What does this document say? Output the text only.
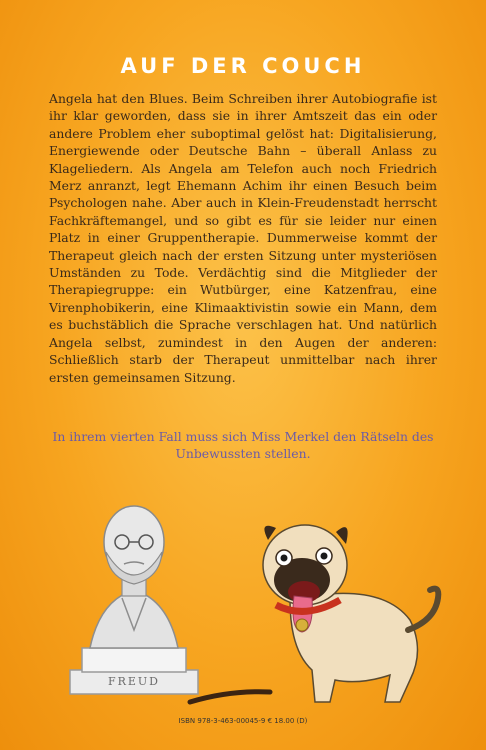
AUF DER COUCH
Angela hat den Blues. Beim Schreiben ihrer Autobiografie ist ihr klar geworden, dass sie in ihrer Amtszeit das ein oder andere Problem eher suboptimal gelöst hat: Digitalisierung, Energiewende oder Deutsche Bahn – überall Anlass zu Klageliedern. Als Angela am Telefon auch noch Friedrich Merz anranzt, legt Ehemann Achim ihr einen Besuch beim Psychologen nahe. Aber auch in Klein-Freudenstadt herrscht Fachkräftemangel, und so gibt es für sie leider nur einen Platz in einer Gruppentherapie. Dummerweise kommt der Therapeut gleich nach der ersten Sitzung unter mysteriösen Umständen zu Tode. Verdächtig sind die Mitglieder der Therapiegruppe: ein Wutbürger, eine Katzenfrau, eine Virenphobikerin, eine Klimaaktivistin sowie ein Mann, dem es buchstäblich die Sprache verschlagen hat. Und natürlich Angela selbst, zumindest in den Augen der anderen: Schließlich starb der Therapeut unmittelbar nach ihrer ersten gemeinsamen Sitzung.
In ihrem vierten Fall muss sich Miss Merkel den Rätseln des Unbewussten stellen.
FREUD
ISBN 978-3-463-00045-9 € 18.00 (D)
